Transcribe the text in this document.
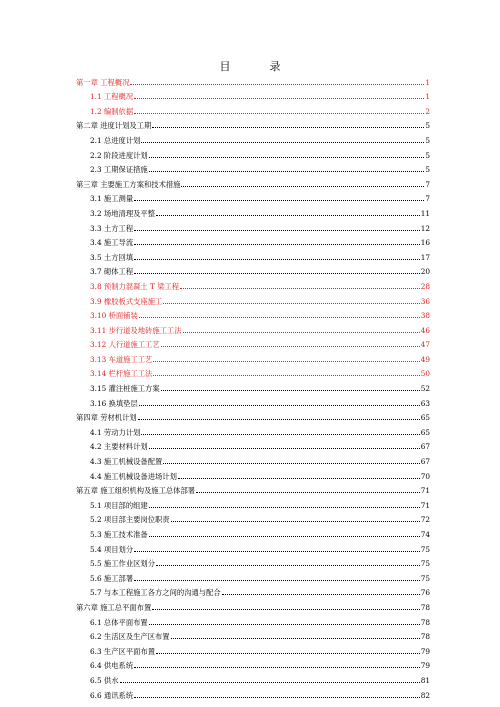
目　录
第一章 工程概况	1
1.1 工程概况	1
1.2 编制依据	2
第二章 进度计划及工期	5
2.1 总进度计划	5
2.2 阶段进度计划	5
2.3 工期保证措施	5
第三章 主要施工方案和技术措施	7
3.1 施工测量	7
3.2 场地清理及平整	11
3.3 土方工程	12
3.4 施工导流	16
3.5 土方回填	17
3.7 砌体工程	20
3.8 预制力混凝土 T 梁工程	28
3.9 橡胶板式支座施工	36
3.10 桥面铺装	38
3.11 步行道及地砖施工工法	46
3.12 人行道施工工艺	47
3.13 车道施工工艺	49
3.14 栏杆施工工法	50
3.15 灌注桩施工方案	52
3.16 换填垫层	63
第四章 劳材机计划	65
4.1 劳动力计划	65
4.2 主要材料计划	67
4.3 施工机械设备配置	67
4.4 施工机械设备进场计划	70
第五章 施工组织机构及施工总体部署	71
5.1 项目部的组建	71
5.2 项目部主要岗位职责	72
5.3 施工技术准备	74
5.4 项目划分	75
5.5 施工作业区划分	75
5.6 施工部署	75
5.7 与本工程施工各方之间的沟通与配合	76
第六章 施工总平面布置	78
6.1 总体平面布置	78
6.2 生活区及生产区布置	78
6.3 生产区平面布置	79
6.4 供电系统	79
6.5 供水	81
6.6 通讯系统	82
